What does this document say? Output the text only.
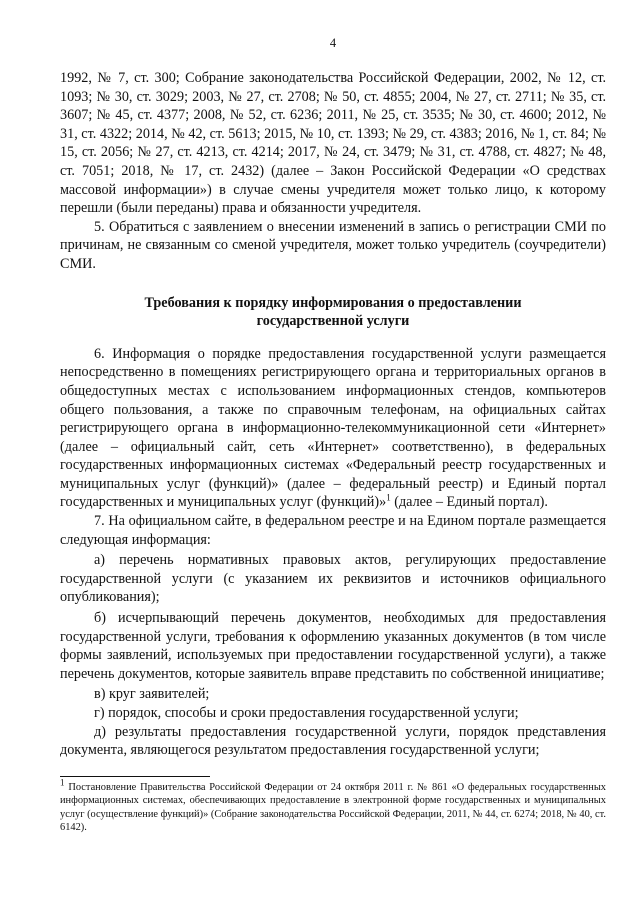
4

1992, № 7, ст. 300; Собрание законодательства Российской Федерации, 2002, № 12, ст. 1093; № 30, ст. 3029; 2003, № 27, ст. 2708; № 50, ст. 4855; 2004, № 27, ст. 2711; № 35, ст. 3607; № 45, ст. 4377; 2008, № 52, ст. 6236; 2011, № 25, ст. 3535; № 30, ст. 4600; 2012, № 31, ст. 4322; 2014, № 42, ст. 5613; 2015, № 10, ст. 1393; № 29, ст. 4383; 2016, № 1, ст. 84; № 15, ст. 2056; № 27, ст. 4213, ст. 4214; 2017, № 24, ст. 3479; № 31, ст. 4788, ст. 4827; № 48, ст. 7051; 2018, № 17, ст. 2432) (далее – Закон Российской Федерации «О средствах массовой информации») в случае смены учредителя может только лицо, к которому перешли (были переданы) права и обязанности учредителя.

5. Обратиться с заявлением о внесении изменений в запись о регистрации СМИ по причинам, не связанным со сменой учредителя, может только учредитель (соучредители) СМИ.

Требования к порядку информирования о предоставлении
государственной услуги

6. Информация о порядке предоставления государственной услуги размещается непосредственно в помещениях регистрирующего органа и территориальных органов в общедоступных местах с использованием информационных стендов, компьютеров общего пользования, а также по справочным телефонам, на официальных сайтах регистрирующего органа в информационно-телекоммуникационной сети «Интернет» (далее – официальный сайт, сеть «Интернет» соответственно), в федеральных государственных информационных системах «Федеральный реестр государственных и муниципальных услуг (функций)» (далее – федеральный реестр) и Единый портал государственных и муниципальных услуг (функций)»$^1$ (далее – Единый портал).

7. На официальном сайте, в федеральном реестре и на Едином портале размещается следующая информация:

а) перечень нормативных правовых актов, регулирующих предоставление государственной услуги (с указанием их реквизитов и источников официального опубликования);

б) исчерпывающий перечень документов, необходимых для предоставления государственной услуги, требования к оформлению указанных документов (в том числе формы заявлений, используемых при предоставлении государственной услуги), а также перечень документов, которые заявитель вправе представить по собственной инициативе;

в) круг заявителей;

г) порядок, способы и сроки предоставления государственной услуги;

д) результаты предоставления государственной услуги, порядок представления документа, являющегося результатом предоставления государственной услуги;

$^1$ Постановление Правительства Российской Федерации от 24 октября 2011 г. № 861 «О федеральных государственных информационных системах, обеспечивающих предоставление в электронной форме государственных и муниципальных услуг (осуществление функций)» (Собрание законодательства Российской Федерации, 2011, № 44, ст. 6274; 2018, № 40, ст. 6142).
